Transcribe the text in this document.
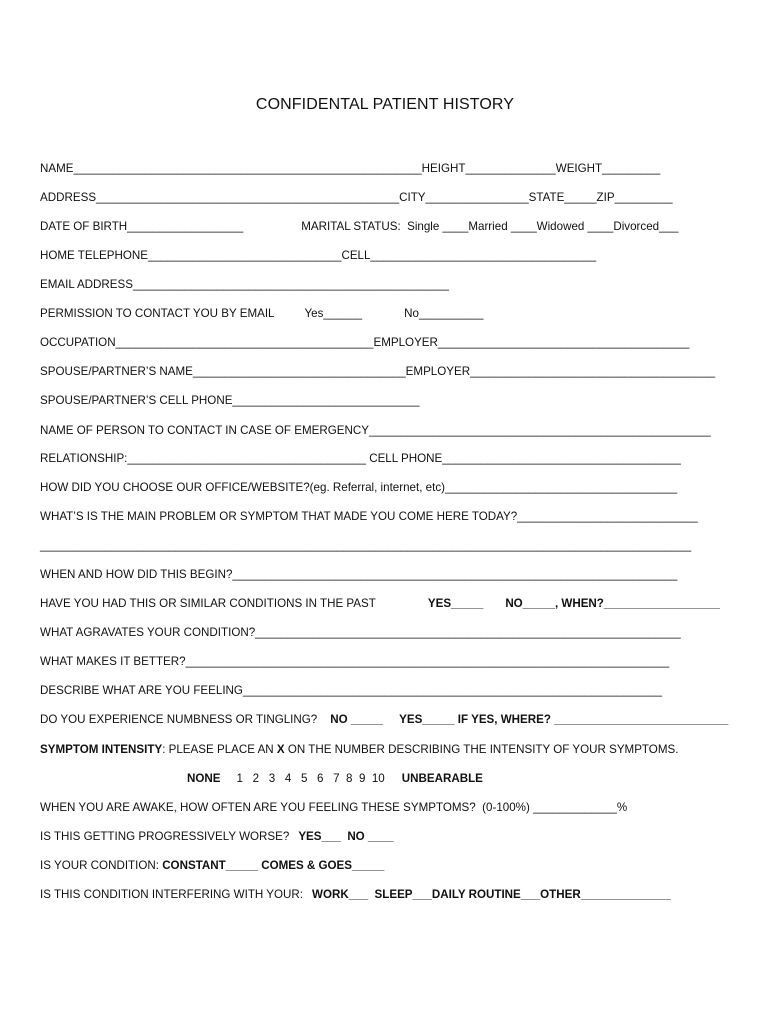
CONFIDENTAL PATIENT HISTORY
NAME______________________________________________________HEIGHT______________WEIGHT_________
ADDRESS_______________________________________________CITY________________STATE_____ZIP_________
DATE OF BIRTH__________________	MARITAL STATUS:  Single ____Married ____Widowed ____Divorced___
HOME TELEPHONE______________________________CELL___________________________________
EMAIL ADDRESS_________________________________________________
PERMISSION TO CONTACT YOU BY EMAIL	Yes______	No__________
OCCUPATION________________________________________EMPLOYER_______________________________________
SPOUSE/PARTNER’S NAME_________________________________EMPLOYER______________________________________
SPOUSE/PARTNER’S CELL PHONE_____________________________
NAME OF PERSON TO CONTACT IN CASE OF EMERGENCY_____________________________________________________
RELATIONSHIP:_____________________________________ CELL PHONE_____________________________________
HOW DID YOU CHOOSE OUR OFFICE/WEBSITE?(eg. Referral, internet, etc)____________________________________
WHAT’S IS THE MAIN PROBLEM OR SYMPTOM THAT MADE YOU COME HERE TODAY?____________________________
_____________________________________________________________________________________________________
WHEN AND HOW DID THIS BEGIN?_____________________________________________________________________
HAVE YOU HAD THIS OR SIMILAR CONDITIONS IN THE PAST	YES_____ NO_____, WHEN?__________________
WHAT AGRAVATES YOUR CONDITION?__________________________________________________________________
WHAT MAKES IT BETTER?___________________________________________________________________________
DESCRIBE WHAT ARE YOU FEELING_________________________________________________________________
DO YOU EXPERIENCE NUMBNESS OR TINGLING? NO _____ YES_____ IF YES, WHERE? ___________________________
SYMPTOM INTENSITY: PLEASE PLACE AN X ON THE NUMBER DESCRIBING THE INTENSITY OF YOUR SYMPTOMS.
NONE 1   2   3   4   5   6   7  8  9  10 UNBEARABLE
WHEN YOU ARE AWAKE, HOW OFTEN ARE YOU FEELING THESE SYMPTOMS?  (0-100%) _____________%
IS THIS GETTING PROGRESSIVELY WORSE? YES___  NO ____
IS YOUR CONDITION: CONSTANT_____ COMES & GOES_____
IS THIS CONDITION INTERFERING WITH YOUR: WORK___  SLEEP___DAILY ROUTINE___OTHER______________
